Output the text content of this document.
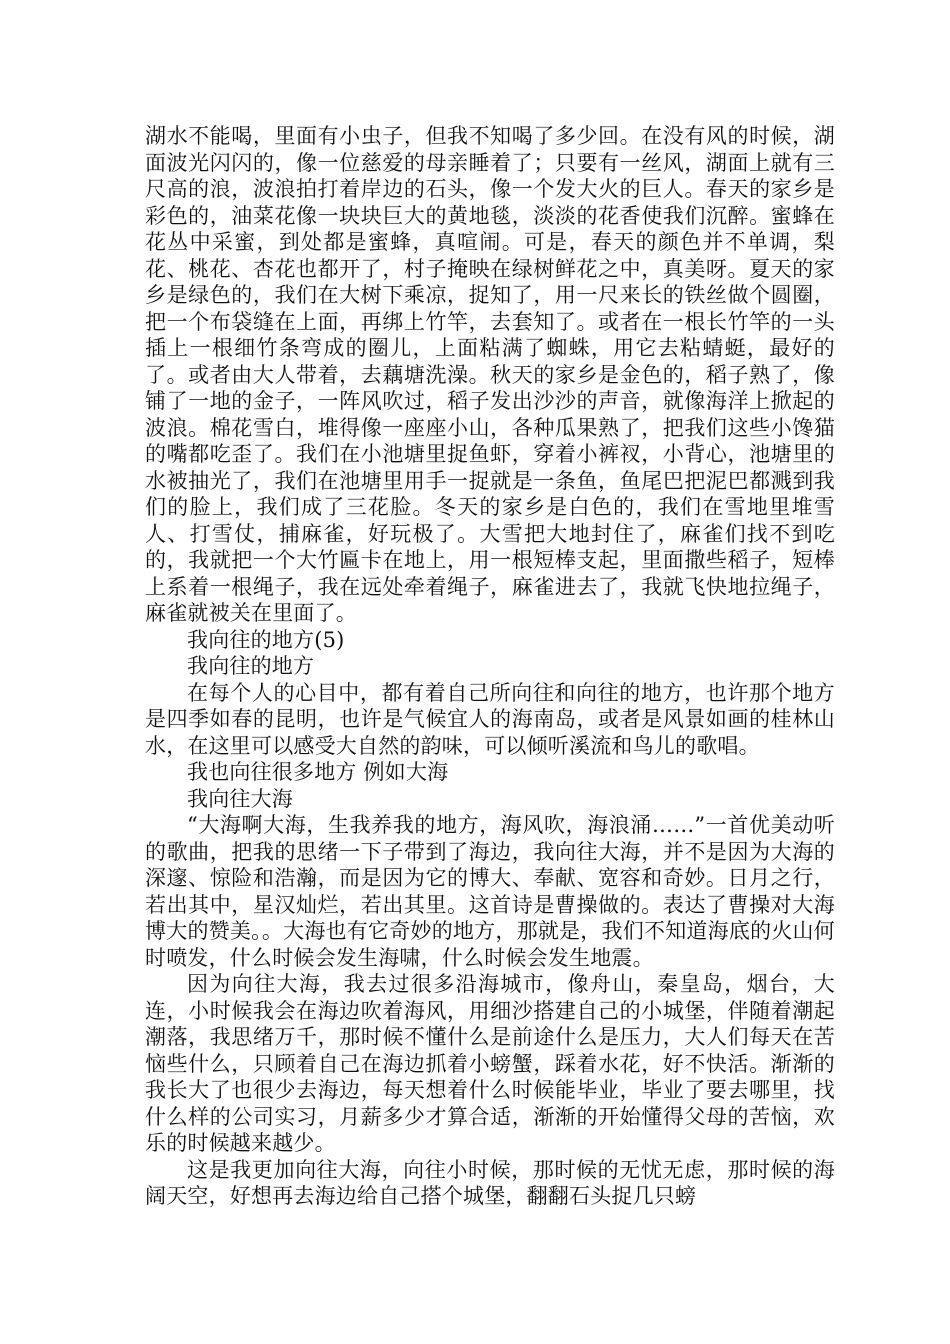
湖水不能喝，里面有小虫子，但我不知喝了多少回。在没有风的时候，湖面波光闪闪的，像一位慈爱的母亲睡着了；只要有一丝风，湖面上就有三尺高的浪，波浪拍打着岸边的石头，像一个发大火的巨人。春天的家乡是彩色的，油菜花像一块块巨大的黄地毯，淡淡的花香使我们沉醉。蜜蜂在花丛中采蜜，到处都是蜜蜂，真喧闹。可是，春天的颜色并不单调，梨花、桃花、杏花也都开了，村子掩映在绿树鲜花之中，真美呀。夏天的家乡是绿色的，我们在大树下乘凉，捉知了，用一尺来长的铁丝做个圆圈，把一个布袋缝在上面，再绑上竹竿，去套知了。或者在一根长竹竿的一头插上一根细竹条弯成的圈儿，上面粘满了蜘蛛，用它去粘蜻蜓，最好的了。或者由大人带着，去藕塘洗澡。秋天的家乡是金色的，稻子熟了，像铺了一地的金子，一阵风吹过，稻子发出沙沙的声音，就像海洋上掀起的波浪。棉花雪白，堆得像一座座小山，各种瓜果熟了，把我们这些小馋猫的嘴都吃歪了。我们在小池塘里捉鱼虾，穿着小裤衩，小背心，池塘里的水被抽光了，我们在池塘里用手一捉就是一条鱼，鱼尾巴把泥巴都溅到我们的脸上，我们成了三花脸。冬天的家乡是白色的，我们在雪地里堆雪人、打雪仗，捕麻雀，好玩极了。大雪把大地封住了，麻雀们找不到吃的，我就把一个大竹匾卡在地上，用一根短棒支起，里面撒些稻子，短棒上系着一根绳子，我在远处牵着绳子，麻雀进去了，我就飞快地拉绳子，麻雀就被关在里面了。

我向往的地方(5)

我向往的地方

在每个人的心目中，都有着自己所向往和向往的地方，也许那个地方是四季如春的昆明，也许是气候宜人的海南岛，或者是风景如画的桂林山水，在这里可以感受大自然的韵味，可以倾听溪流和鸟儿的歌唱。

我也向往很多地方 例如大海

我向往大海

“大海啊大海，生我养我的地方，海风吹，海浪涌……”一首优美动听的歌曲，把我的思绪一下子带到了海边，我向往大海，并不是因为大海的深邃、惊险和浩瀚，而是因为它的博大、奉献、宽容和奇妙。日月之行，若出其中，星汉灿烂，若出其里。这首诗是曹操做的。表达了曹操对大海博大的赞美。。大海也有它奇妙的地方，那就是，我们不知道海底的火山何时喷发，什么时候会发生海啸，什么时候会发生地震。

因为向往大海，我去过很多沿海城市，像舟山，秦皇岛，烟台，大连，小时候我会在海边吹着海风，用细沙搭建自己的小城堡，伴随着潮起潮落，我思绪万千，那时候不懂什么是前途什么是压力，大人们每天在苦恼些什么，只顾着自己在海边抓着小螃蟹，踩着水花，好不快活。渐渐的我长大了也很少去海边，每天想着什么时候能毕业，毕业了要去哪里，找什么样的公司实习，月薪多少才算合适，渐渐的开始懂得父母的苦恼，欢乐的时候越来越少。

这是我更加向往大海，向往小时候，那时候的无忧无虑，那时候的海阔天空，好想再去海边给自己搭个城堡，翻翻石头捉几只螃
